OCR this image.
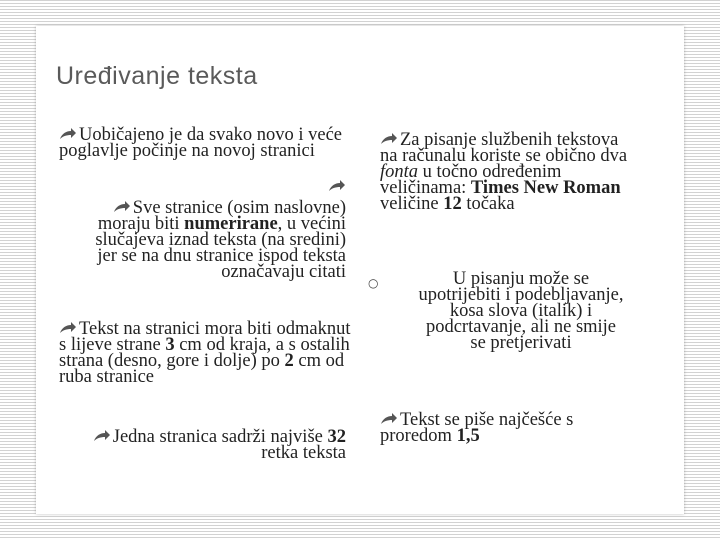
Uređivanje teksta

Uobičajeno je da svako novo i veće poglavlje počinje na novoj stranici

Sve stranice (osim naslovne) moraju biti numerirane, u većini slučajeva iznad teksta (na sredini) jer se na dnu stranice ispod teksta označavaju citati

Tekst na stranici mora biti odmaknut s lijeve strane 3 cm od kraja, a s ostalih strana (desno, gore i dolje) po 2 cm od ruba stranice

Jedna stranica sadrži najviše 32 retka teksta

Za pisanje službenih tekstova na računalu koriste se obično dva fonta u točno određenim veličinama: Times New Roman veličine 12 točaka

○	U pisanju može se upotrijebiti i podebljavanje, kosa slova (italik) i podcrtavanje, ali ne smije se pretjerivati

Tekst se piše najčešće s proredom 1,5
